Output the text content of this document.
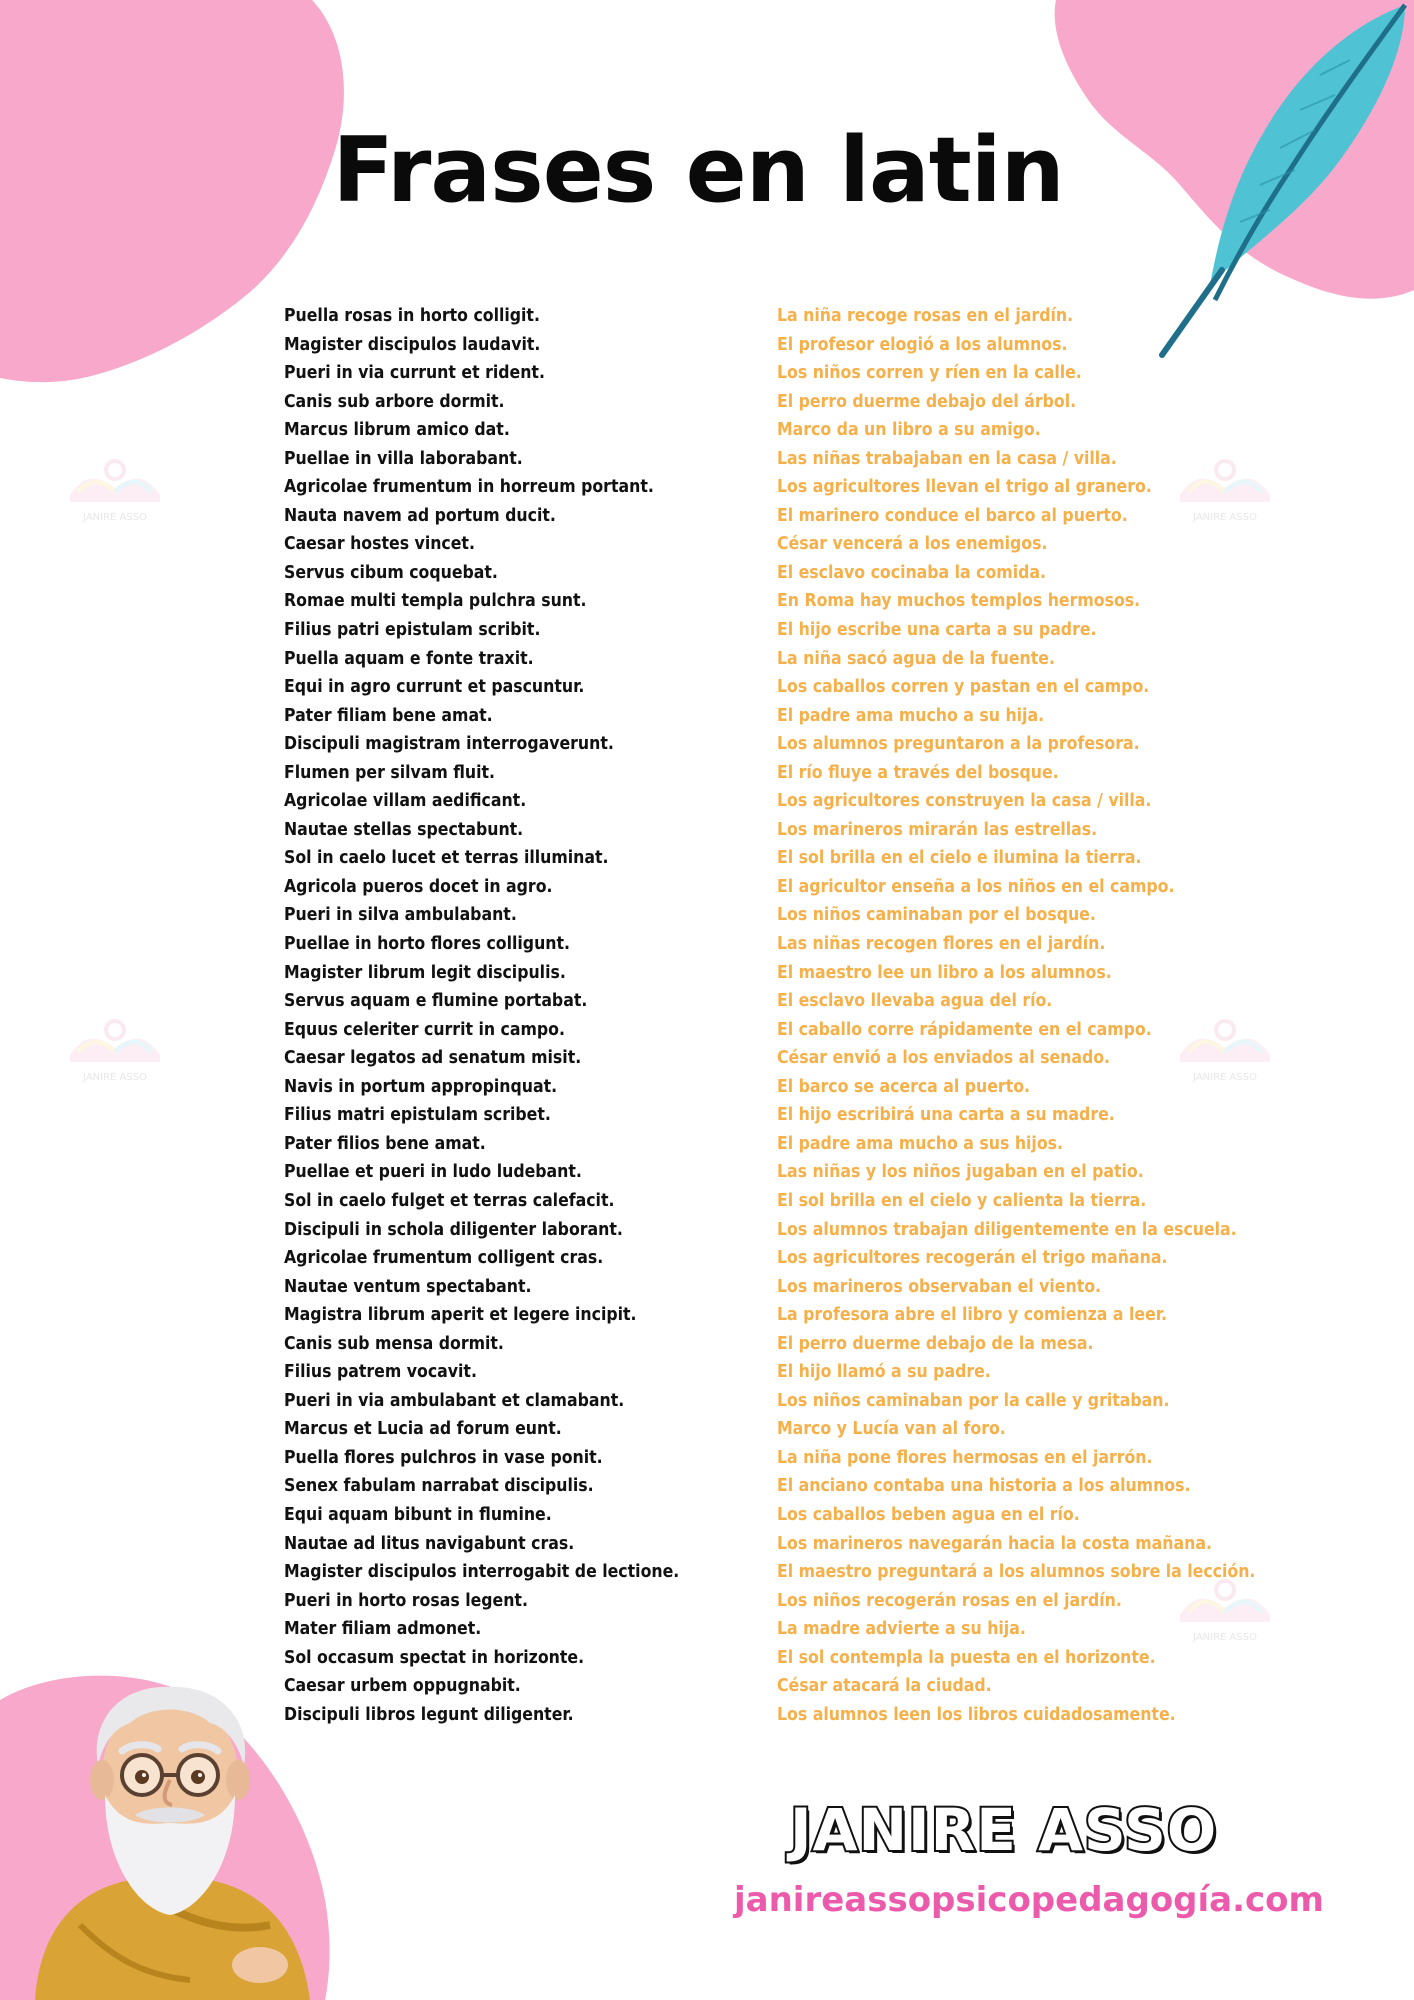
JANIRE ASSO	JANIRE ASSO
JANIRE ASSO	JANIRE ASSO
JANIRE ASSO
Frases en latin
Puella rosas in horto colligit.
Magister discipulos laudavit.
Pueri in via currunt et rident.
Canis sub arbore dormit.
Marcus librum amico dat.
Puellae in villa laborabant.
Agricolae frumentum in horreum portant.
Nauta navem ad portum ducit.
Caesar hostes vincet.
Servus cibum coquebat.
Romae multi templa pulchra sunt.
Filius patri epistulam scribit.
Puella aquam e fonte traxit.
Equi in agro currunt et pascuntur.
Pater filiam bene amat.
Discipuli magistram interrogaverunt.
Flumen per silvam fluit.
Agricolae villam aedificant.
Nautae stellas spectabunt.
Sol in caelo lucet et terras illuminat.
Agricola pueros docet in agro.
Pueri in silva ambulabant.
Puellae in horto flores colligunt.
Magister librum legit discipulis.
Servus aquam e flumine portabat.
Equus celeriter currit in campo.
Caesar legatos ad senatum misit.
Navis in portum appropinquat.
Filius matri epistulam scribet.
Pater filios bene amat.
Puellae et pueri in ludo ludebant.
Sol in caelo fulget et terras calefacit.
Discipuli in schola diligenter laborant.
Agricolae frumentum colligent cras.
Nautae ventum spectabant.
Magistra librum aperit et legere incipit.
Canis sub mensa dormit.
Filius patrem vocavit.
Pueri in via ambulabant et clamabant.
Marcus et Lucia ad forum eunt.
Puella flores pulchros in vase ponit.
Senex fabulam narrabat discipulis.
Equi aquam bibunt in flumine.
Nautae ad litus navigabunt cras.
Magister discipulos interrogabit de lectione.
Pueri in horto rosas legent.
Mater filiam admonet.
Sol occasum spectat in horizonte.
Caesar urbem oppugnabit.
Discipuli libros legunt diligenter.
La niña recoge rosas en el jardín.
El profesor elogió a los alumnos.
Los niños corren y ríen en la calle.
El perro duerme debajo del árbol.
Marco da un libro a su amigo.
Las niñas trabajaban en la casa / villa.
Los agricultores llevan el trigo al granero.
El marinero conduce el barco al puerto.
César vencerá a los enemigos.
El esclavo cocinaba la comida.
En Roma hay muchos templos hermosos.
El hijo escribe una carta a su padre.
La niña sacó agua de la fuente.
Los caballos corren y pastan en el campo.
El padre ama mucho a su hija.
Los alumnos preguntaron a la profesora.
El río fluye a través del bosque.
Los agricultores construyen la casa / villa.
Los marineros mirarán las estrellas.
El sol brilla en el cielo e ilumina la tierra.
El agricultor enseña a los niños en el campo.
Los niños caminaban por el bosque.
Las niñas recogen flores en el jardín.
El maestro lee un libro a los alumnos.
El esclavo llevaba agua del río.
El caballo corre rápidamente en el campo.
César envió a los enviados al senado.
El barco se acerca al puerto.
El hijo escribirá una carta a su madre.
El padre ama mucho a sus hijos.
Las niñas y los niños jugaban en el patio.
El sol brilla en el cielo y calienta la tierra.
Los alumnos trabajan diligentemente en la escuela.
Los agricultores recogerán el trigo mañana.
Los marineros observaban el viento.
La profesora abre el libro y comienza a leer.
El perro duerme debajo de la mesa.
El hijo llamó a su padre.
Los niños caminaban por la calle y gritaban.
Marco y Lucía van al foro.
La niña pone flores hermosas en el jarrón.
El anciano contaba una historia a los alumnos.
Los caballos beben agua en el río.
Los marineros navegarán hacia la costa mañana.
El maestro preguntará a los alumnos sobre la lección.
Los niños recogerán rosas en el jardín.
La madre advierte a su hija.
El sol contempla la puesta en el horizonte.
César atacará la ciudad.
Los alumnos leen los libros cuidadosamente.
JANIRE ASSO
janireassopsicopedagogía.com
